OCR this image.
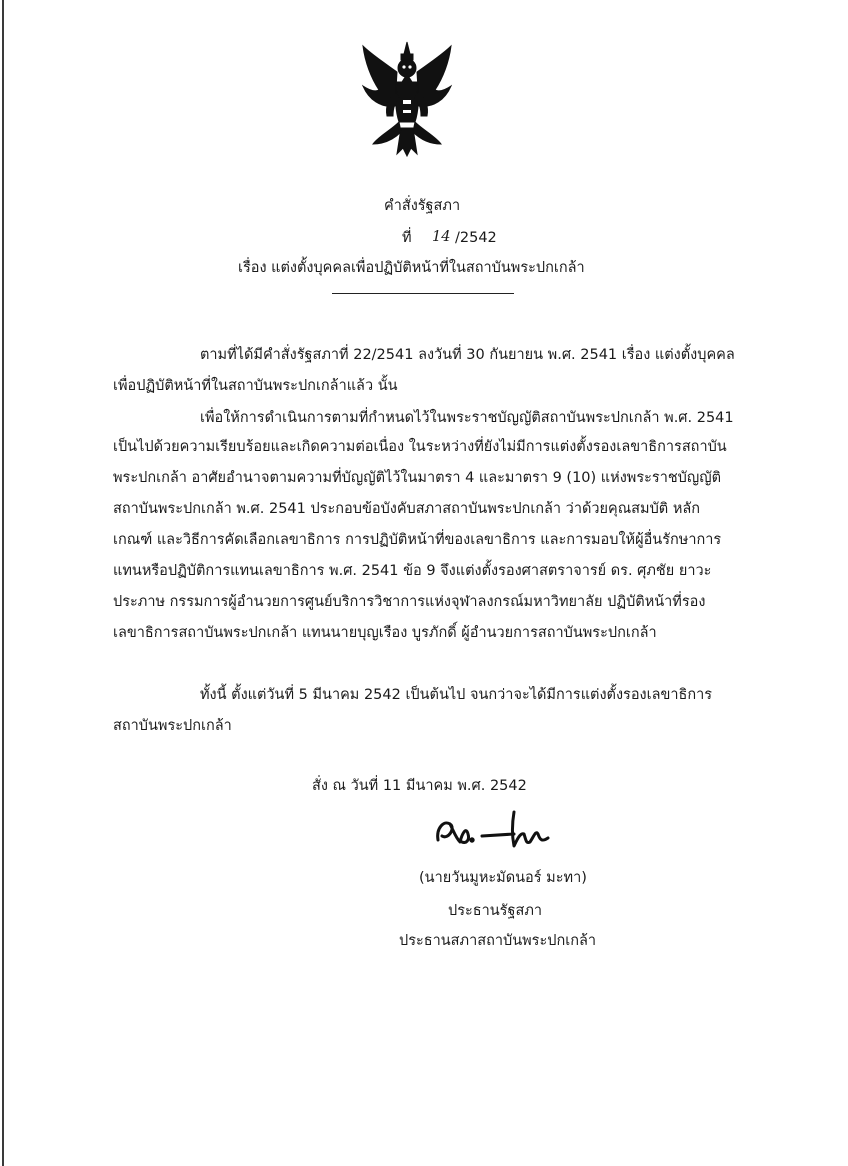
คำสั่งรัฐสภา
ที่ 14 /2542
เรื่อง แต่งตั้งบุคคลเพื่อปฏิบัติหน้าที่ในสถาบันพระปกเกล้า
ตามที่ได้มีคำสั่งรัฐสภาที่ 22/2541 ลงวันที่ 30 กันยายน พ.ศ. 2541 เรื่อง แต่งตั้งบุคคล
เพื่อปฏิบัติหน้าที่ในสถาบันพระปกเกล้าแล้ว นั้น
เพื่อให้การดำเนินการตามที่กำหนดไว้ในพระราชบัญญัติสถาบันพระปกเกล้า พ.ศ. 2541
เป็นไปด้วยความเรียบร้อยและเกิดความต่อเนื่อง ในระหว่างที่ยังไม่มีการแต่งตั้งรองเลขาธิการสถาบัน
พระปกเกล้า อาศัยอำนาจตามความที่บัญญัติไว้ในมาตรา 4 และมาตรา 9 (10) แห่งพระราชบัญญัติ
สถาบันพระปกเกล้า พ.ศ. 2541 ประกอบข้อบังคับสภาสถาบันพระปกเกล้า ว่าด้วยคุณสมบัติ หลัก
เกณฑ์ และวิธีการคัดเลือกเลขาธิการ การปฏิบัติหน้าที่ของเลขาธิการ และการมอบให้ผู้อื่นรักษาการ
แทนหรือปฏิบัติการแทนเลขาธิการ พ.ศ. 2541 ข้อ 9 จึงแต่งตั้งรองศาสตราจารย์ ดร. ศุภชัย ยาวะ
ประภาษ กรรมการผู้อำนวยการศูนย์บริการวิชาการแห่งจุฬาลงกรณ์มหาวิทยาลัย ปฏิบัติหน้าที่รอง
เลขาธิการสถาบันพระปกเกล้า แทนนายบุญเรือง บูรภักดิ์ ผู้อำนวยการสถาบันพระปกเกล้า
ทั้งนี้ ตั้งแต่วันที่ 5 มีนาคม 2542 เป็นต้นไป จนกว่าจะได้มีการแต่งตั้งรองเลขาธิการ
สถาบันพระปกเกล้า
สั่ง ณ วันที่ 11 มีนาคม พ.ศ. 2542
(นายวันมูหะมัดนอร์ มะทา)
ประธานรัฐสภา
ประธานสภาสถาบันพระปกเกล้า
